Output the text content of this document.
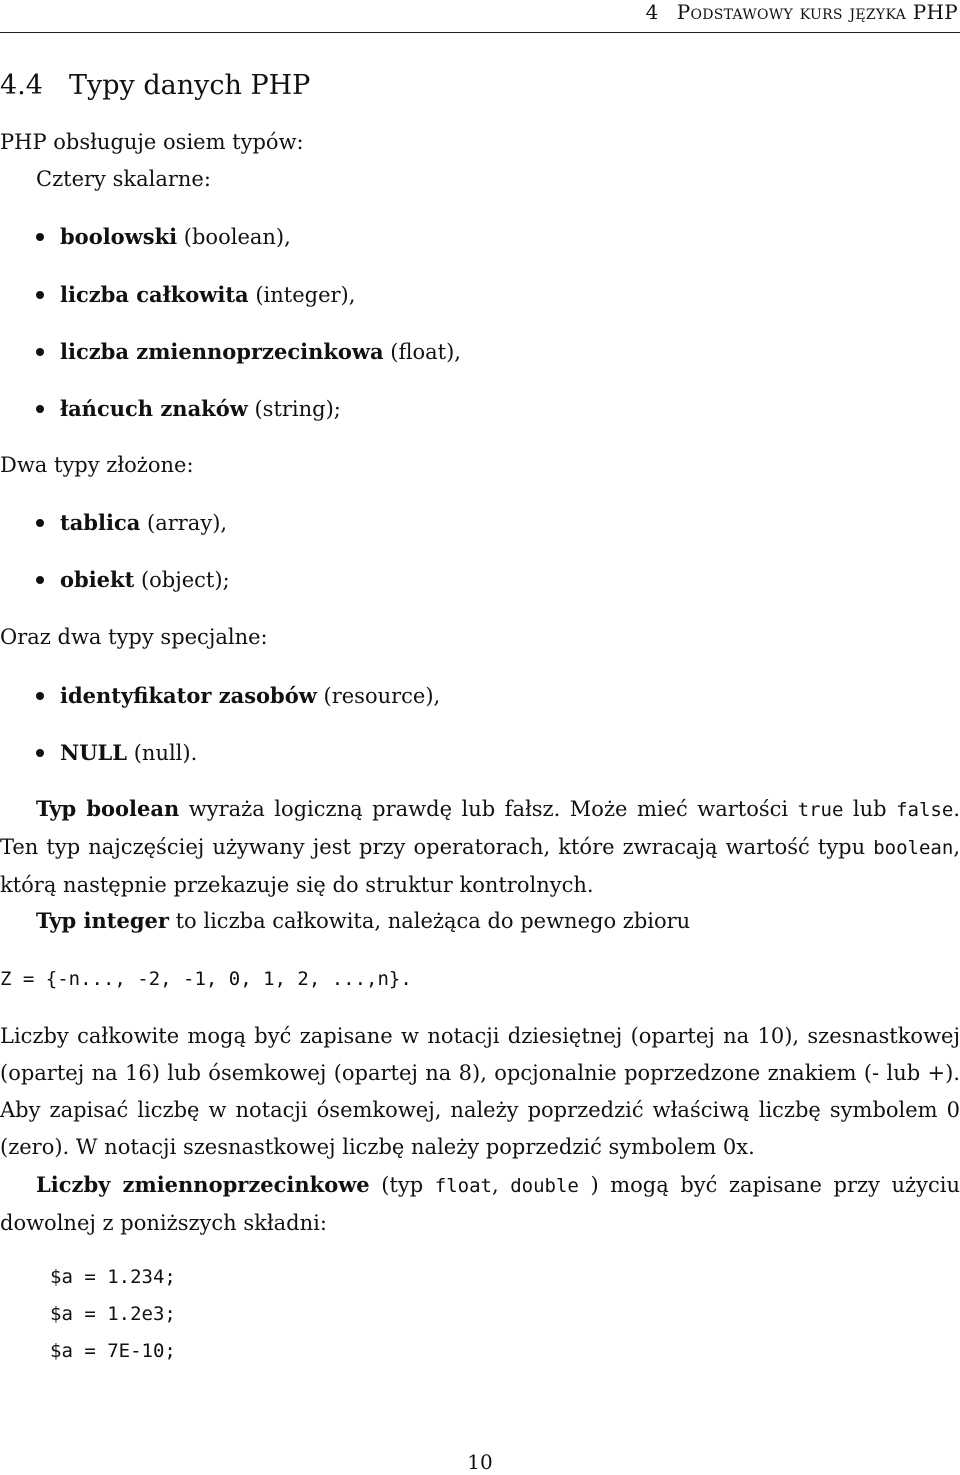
4 Podstawowy kurs języka PHP
4.4 Typy danych PHP
PHP obsługuje osiem typów:
Cztery skalarne:
boolowski (boolean),
liczba całkowita (integer),
liczba zmiennoprzecinkowa (float),
łańcuch znaków (string);
Dwa typy złożone:
tablica (array),
obiekt (object);
Oraz dwa typy specjalne:
identyfikator zasobów (resource),
NULL (null).
Typ boolean wyraża logiczną prawdę lub fałsz. Może mieć wartości true lub false. Ten typ najczęściej używany jest przy operatorach, które zwracają wartość typu boolean, którą następnie przekazuje się do struktur kontrolnych.
Typ integer to liczba całkowita, należąca do pewnego zbioru
Z = {-n..., -2, -1, 0, 1, 2, ...,n}.
Liczby całkowite mogą być zapisane w notacji dziesiętnej (opartej na 10), szesnastkowej (opartej na 16) lub ósemkowej (opartej na 8), opcjonalnie poprzedzone znakiem (- lub +). Aby zapisać liczbę w notacji ósemkowej, należy poprzedzić właściwą liczbę symbolem 0 (zero). W notacji szesnastkowej liczbę należy poprzedzić symbolem 0x.
Liczby zmiennoprzecinkowe (typ float, double ) mogą być zapisane przy użyciu dowolnej z poniższych składni:
$a = 1.234;
$a = 1.2e3;
$a = 7E-10;
10
